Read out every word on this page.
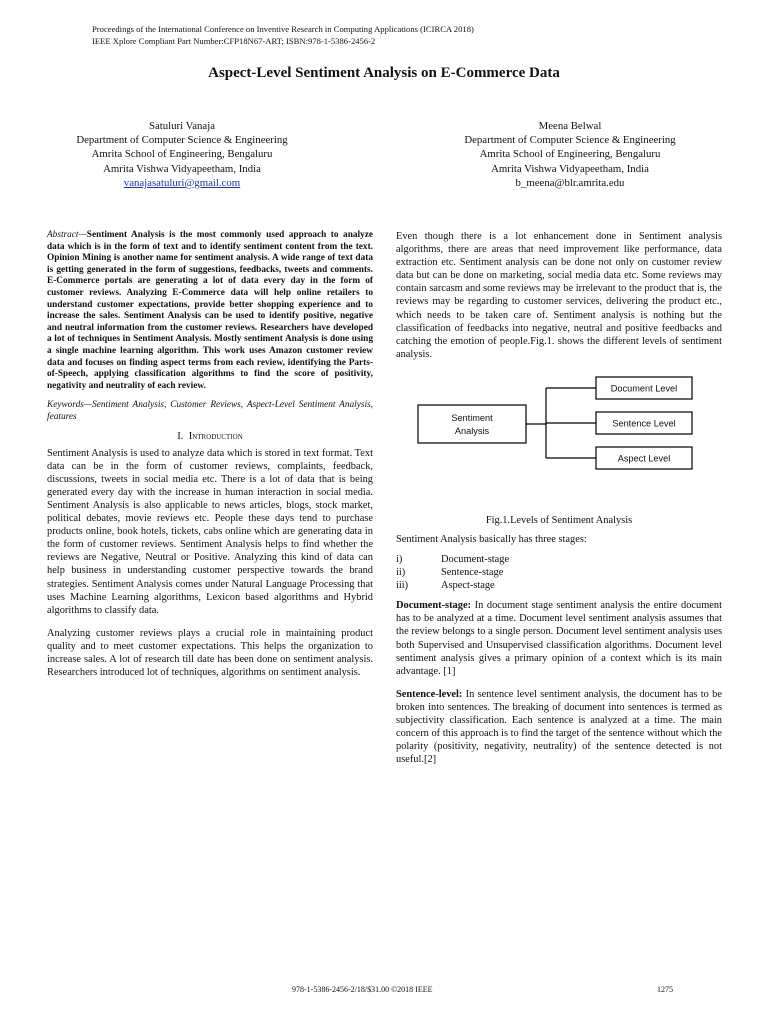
Proceedings of the International Conference on Inventive Research in Computing Applications (ICIRCA 2018)
IEEE Xplore Compliant Part Number:CFP18N67-ART; ISBN:978-1-5386-2456-2
Aspect-Level Sentiment Analysis on E-Commerce Data
Satuluri Vanaja
Department of Computer Science & Engineering
Amrita School of Engineering, Bengaluru
Amrita Vishwa Vidyapeetham, India
vanajasatuluri@gmail.com
Meena Belwal
Department of Computer Science & Engineering
Amrita School of Engineering, Bengaluru
Amrita Vishwa Vidyapeetham, India
b_meena@blr.amrita.edu

Abstract—Sentiment Analysis is the most commonly used approach to analyze data which is in the form of text and to identify sentiment content from the text. Opinion Mining is another name for sentiment analysis. A wide range of text data is getting generated in the form of suggestions, feedbacks, tweets and comments. E-Commerce portals are generating a lot of data every day in the form of customer reviews. Analyzing E-Commerce data will help online retailers to understand customer expectations, provide better shopping experience and to increase the sales. Sentiment Analysis can be used to identify positive, negative and neutral information from the customer reviews. Researchers have developed a lot of techniques in Sentiment Analysis. Mostly sentiment Analysis is done using a single machine learning algorithm. This work uses Amazon customer review data and focuses on finding aspect terms from each review, identifying the Parts-of-Speech, applying classification algorithms to find the score of positivity, negativity and neutrality of each review.

Keywords—Sentiment Analysis, Customer Reviews, Aspect-Level Sentiment Analysis, features

I. Introduction

Sentiment Analysis is used to analyze data which is stored in text format. Text data can be in the form of customer reviews, complaints, feedback, discussions, tweets in social media etc. There is a lot of data that is being generated every day with the increase in human interaction in social media. Sentiment Analysis is also applicable to news articles, blogs, stock market, political debates, movie reviews etc. People these days tend to purchase products online, book hotels, tickets, cabs online which are generating data in the form of customer reviews. Sentiment Analysis helps to find whether the reviews are Negative, Neutral or Positive. Analyzing this kind of data can help business in understanding customer perspective towards the brand strategies. Sentiment Analysis comes under Natural Language Processing that uses Machine Learning algorithms, Lexicon based algorithms and Hybrid algorithms to classify data.

Analyzing customer reviews plays a crucial role in maintaining product quality and to meet customer expectations. This helps the organization to increase sales. A lot of research till date has been done on sentiment analysis. Researchers introduced lot of techniques, algorithms on sentiment analysis.

Even though there is a lot enhancement done in Sentiment analysis algorithms, there are areas that need improvement like performance, data extraction etc. Sentiment analysis can be done not only on customer review data but can be done on marketing, social media data etc. Some reviews may contain sarcasm and some reviews may be irrelevant to the product that is, the reviews may be regarding to customer services, delivering the product etc., which needs to be taken care of. Sentiment analysis is nothing but the classification of feedbacks into negative, neutral and positive feedbacks and catching the emotion of people.Fig.1. shows the different levels of sentiment analysis.

Sentiment
Analysis
Document Level
Sentence Level
Aspect Level
Fig.1.Levels of Sentiment Analysis

Sentiment Analysis basically has three stages:

i)	Document-stage
ii)	Sentence-stage
iii)	Aspect-stage

Document-stage: In document stage sentiment analysis the entire document has to be analyzed at a time. Document level sentiment analysis assumes that the review belongs to a single person. Document level sentiment analysis uses both Supervised and Unsupervised classification algorithms. Document level sentiment analysis gives a primary opinion of a context which is its main advantage. [1]

Sentence-level: In sentence level sentiment analysis, the document has to be broken into sentences. The breaking of document into sentences is termed as subjectivity classification. Each sentence is analyzed at a time. The main concern of this approach is to find the target of the sentence without which the polarity (positivity, negativity, neutrality) of the sentence detected is not useful.[2]

978-1-5386-2456-2/18/$31.00 ©2018 IEEE	1275
